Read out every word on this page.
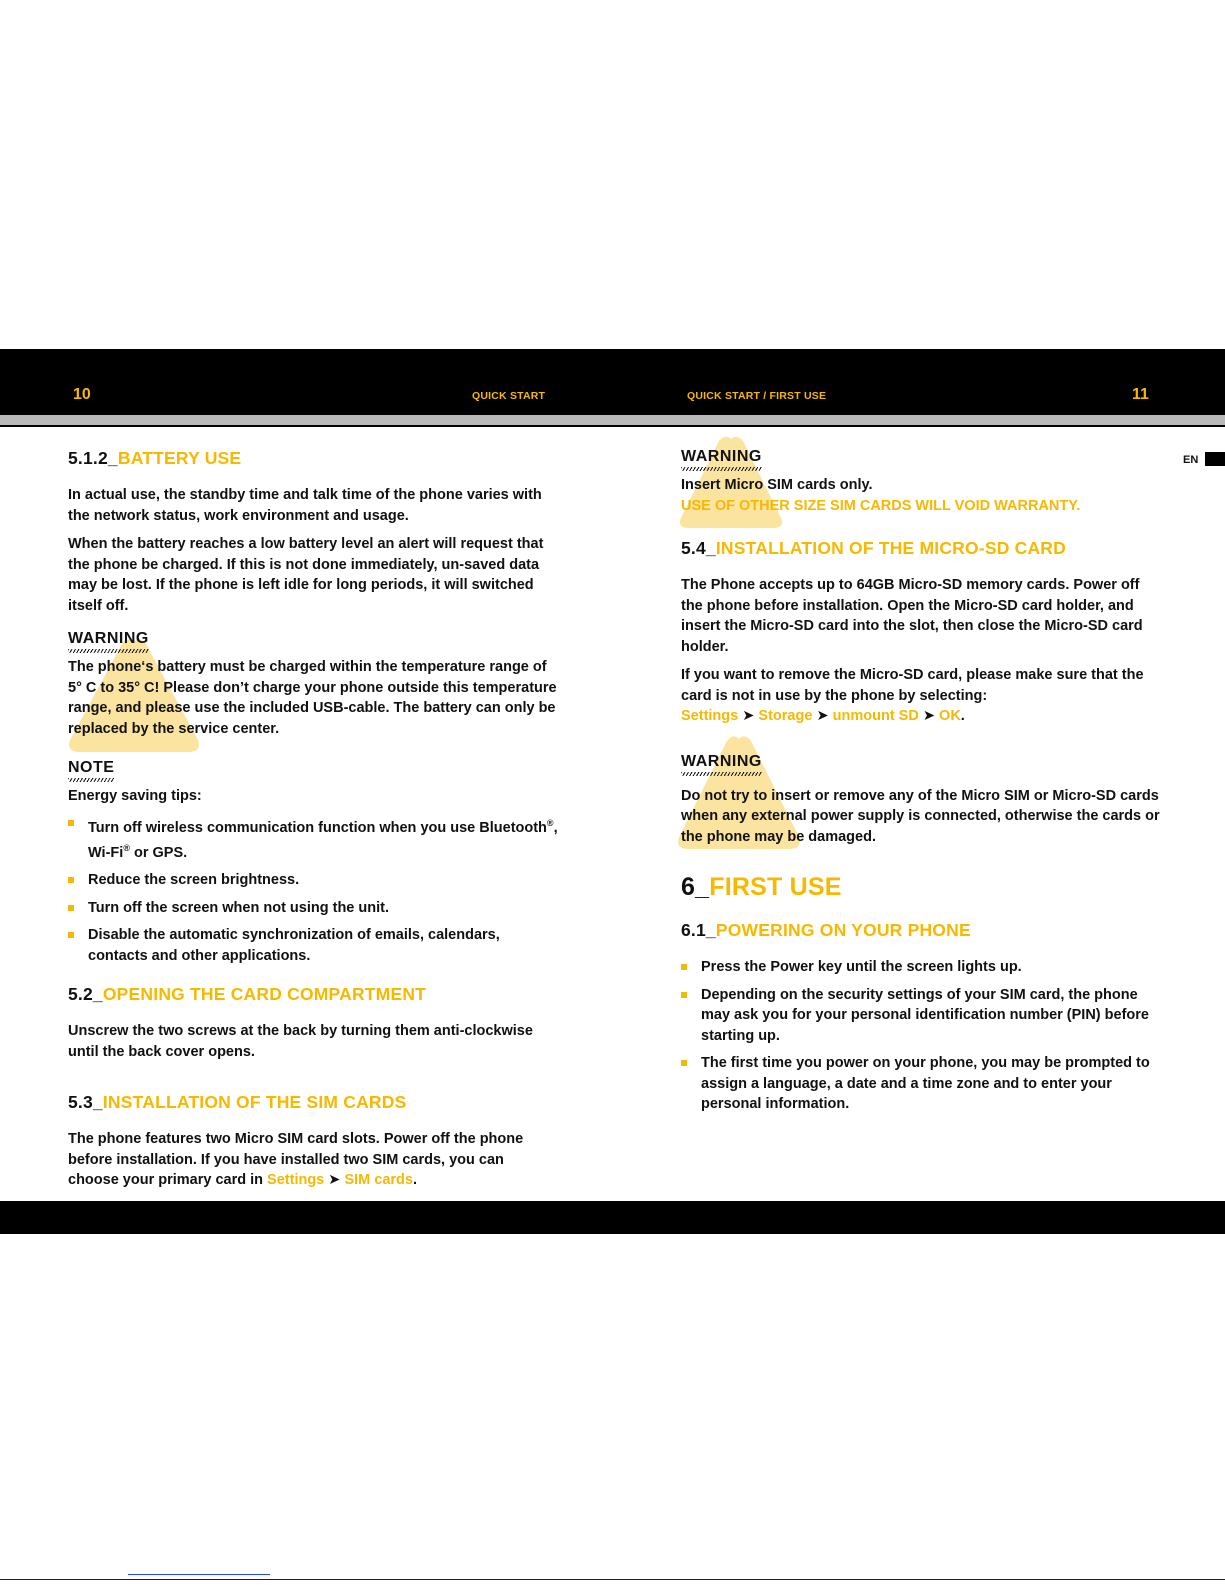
10	QUICK START	QUICK START / FIRST USE	11
EN
5.1.2_BATTERY USE

In actual use, the standby time and talk time of the phone varies with the network status, work environment and usage.

When the battery reaches a low battery level an alert will request that the phone be charged. If this is not done immediately, un-saved data may be lost. If the phone is left idle for long periods, it will switched itself off.

WARNING
The phone‘s battery must be charged within the temperature range of 5° C to 35° C! Please don’t charge your phone outside this temperature range, and please use the included USB-cable. The battery can only be replaced by the service center.
NOTE

Energy saving tips:

Turn off wireless communication function when you use Bluetooth®, Wi-Fi® or GPS.
Reduce the screen brightness.
Turn off the screen when not using the unit.
Disable the automatic synchronization of emails, calendars, contacts and other applications.
5.2_OPENING THE CARD COMPARTMENT

Unscrew the two screws at the back by turning them anti-clockwise until the back cover opens.

5.3_INSTALLATION OF THE SIM CARDS

The phone features two Micro SIM card slots. Power off the phone before installation. If you have installed two SIM cards, you can choose your primary card in Settings ➤ SIM cards.

WARNING
Insert Micro SIM cards only.
USE OF OTHER SIZE SIM CARDS WILL VOID WARRANTY.
5.4_INSTALLATION OF THE MICRO-SD CARD

The Phone accepts up to 64GB Micro-SD memory cards. Power off the phone before installation. Open the Micro-SD card holder, and insert the Micro-SD card into the slot, then close the Micro-SD card holder.

If you want to remove the Micro-SD card, please make sure that the card is not in use by the phone by selecting:

Settings ➤ Storage ➤ unmount SD ➤ OK.

WARNING
Do not try to insert or remove any of the Micro SIM or Micro-SD cards when any external power supply is connected, otherwise the cards or the phone may be damaged.
6_FIRST USE
6.1_POWERING ON YOUR PHONE
Press the Power key until the screen lights up.
Depending on the security settings of your SIM card, the phone may ask you for your personal identification number (PIN) before starting up.
The first time you power on your phone, you may be prompted to assign a language, a date and a time zone and to enter your personal information.
